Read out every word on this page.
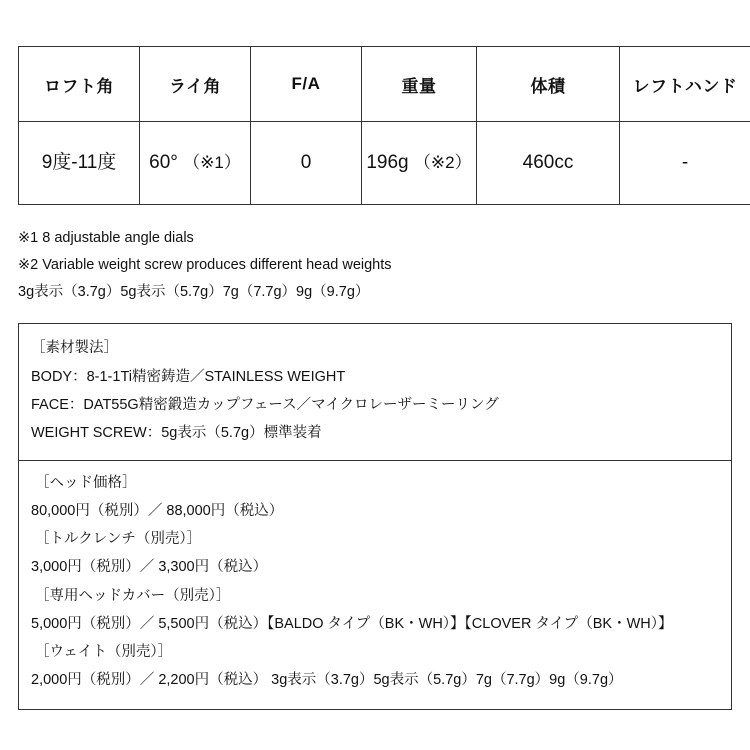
ロフト角	ライ角	F/A	重量	体積	レフトハンド
9度-11度	60° （※1）	0	196g （※2）	460cc	-
※1 8 adjustable angle dials
※2 Variable weight screw produces different head weights
3g表示（3.7g）5g表示（5.7g）7g（7.7g）9g（9.7g）
［素材製法］
BODY：8-1-1Ti精密鋳造／STAINLESS WEIGHT
FACE：DAT55G精密鍛造カップフェース／マイクロレーザーミーリング
WEIGHT SCREW：5g表示（5.7g）標準装着
［ヘッド価格］
80,000円（税別）／ 88,000円（税込）
［トルクレンチ（別売）］
3,000円（税別）／ 3,300円（税込）
［専用ヘッドカバー（別売）］
5,000円（税別）／ 5,500円（税込）【BALDO タイプ（BK・WH）】【CLOVER タイプ（BK・WH）】
［ウェイト（別売）］
2,000円（税別）／ 2,200円（税込） 3g表示（3.7g）5g表示（5.7g）7g（7.7g）9g（9.7g）
